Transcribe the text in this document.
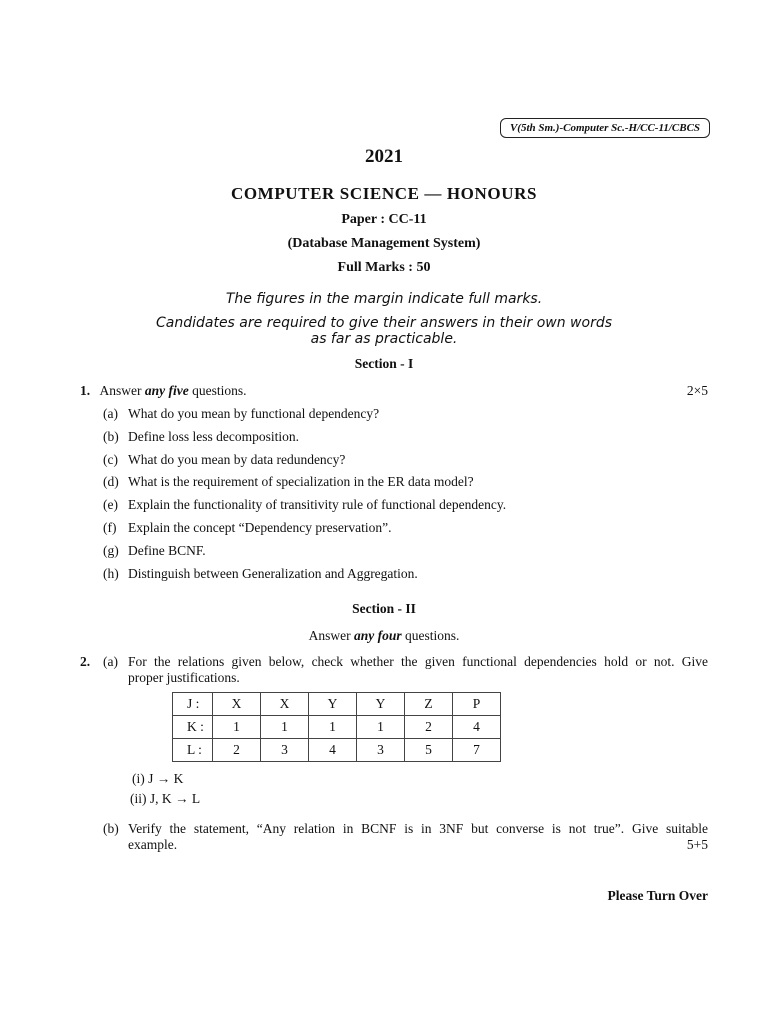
V(5th Sm.)-Computer Sc.-H/CC-11/CBCS
2021
COMPUTER SCIENCE — HONOURS
Paper : CC-11
(Database Management System)
Full Marks : 50
The figures in the margin indicate full marks.
Candidates are required to give their answers in their own words
as far as practicable.
Section - I
1. Answer any five questions.	2×5
(a) What do you mean by functional dependency?
(b) Define loss less decomposition.
(c) What do you mean by data redundency?
(d) What is the requirement of specialization in the ER data model?
(e) Explain the functionality of transitivity rule of functional dependency.
(f) Explain the concept “Dependency preservation”.
(g) Define BCNF.
(h) Distinguish between Generalization and Aggregation.
Section - II
Answer any four questions.
2. (a) For the relations given below, check whether the given functional dependencies hold or not. Give
proper justifications.
J :	X	X	Y	Y	Z	P
K :	1	1	1	1	2	4
L :	2	3	4	3	5	7
(i) J → K
(ii) J, K → L
(b) Verify the statement, “Any relation in BCNF is in 3NF but converse is not true”. Give suitable
example.	5+5
Please Turn Over
